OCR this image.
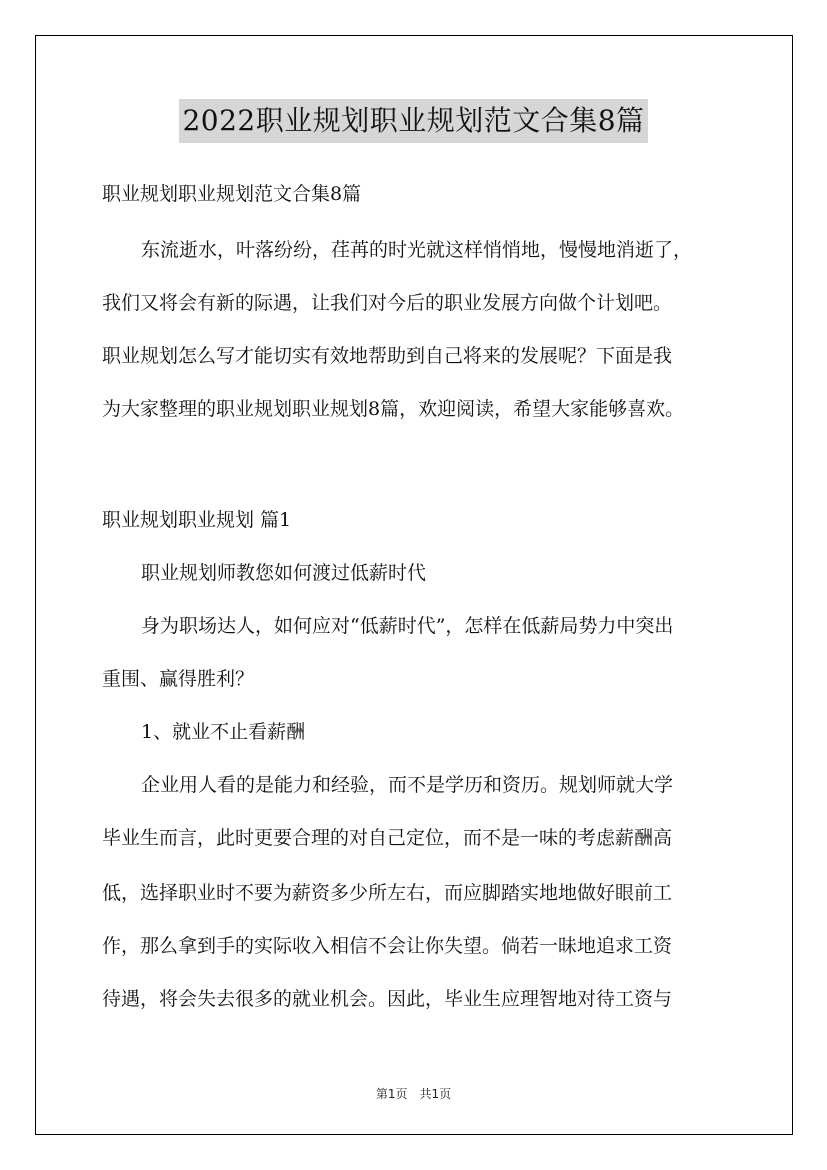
2022职业规划职业规划范文合集8篇
职业规划职业规划范文合集8篇
东流逝水，叶落纷纷，荏苒的时光就这样悄悄地，慢慢地消逝了，
我们又将会有新的际遇，让我们对今后的职业发展方向做个计划吧。
职业规划怎么写才能切实有效地帮助到自己将来的发展呢？下面是我
为大家整理的职业规划职业规划8篇，欢迎阅读，希望大家能够喜欢。
职业规划职业规划 篇1
职业规划师教您如何渡过低薪时代
身为职场达人，如何应对“低薪时代”，怎样在低薪局势力中突出
重围、赢得胜利？
1、就业不止看薪酬
企业用人看的是能力和经验，而不是学历和资历。规划师就大学
毕业生而言，此时更要合理的对自己定位，而不是一味的考虑薪酬高
低，选择职业时不要为薪资多少所左右，而应脚踏实地地做好眼前工
作，那么拿到手的实际收入相信不会让你失望。倘若一昧地追求工资
待遇，将会失去很多的就业机会。因此，毕业生应理智地对待工资与
第1页　共1页
